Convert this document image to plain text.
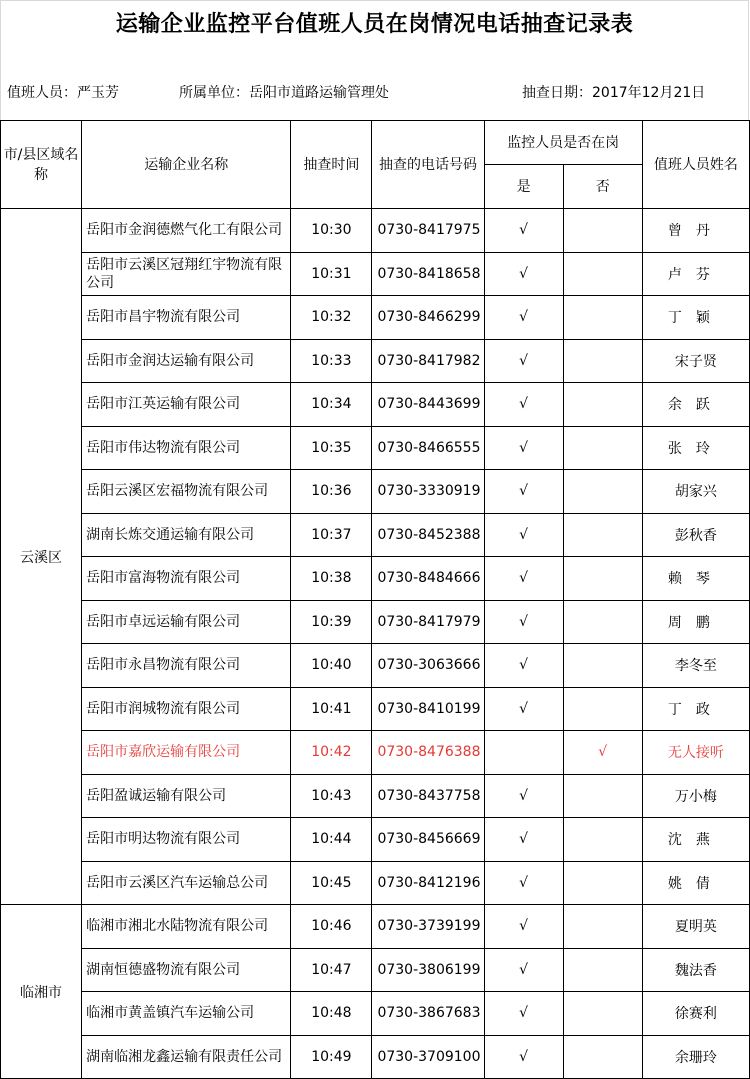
运输企业监控平台值班人员在岗情况电话抽查记录表
值班人员：严玉芳	所属单位：岳阳市道路运输管理处	抽查日期：2017年12月21日
市/县区域名称	运输企业名称	抽查时间	抽查的电话号码	监控人员是否在岗		值班人员姓名
				是	否	
云溪区	岳阳市金润德燃气化工有限公司	10:30	0730-8417975	√		曾丹
	岳阳市云溪区冠翔红宇物流有限公司	10:31	0730-8418658	√		卢芬
	岳阳市昌宇物流有限公司	10:32	0730-8466299	√		丁颖
	岳阳市金润达运输有限公司	10:33	0730-8417982	√		宋子贤
	岳阳市江英运输有限公司	10:34	0730-8443699	√		余跃
	岳阳市伟达物流有限公司	10:35	0730-8466555	√		张玲
	岳阳云溪区宏福物流有限公司	10:36	0730-3330919	√		胡家兴
	湖南长炼交通运输有限公司	10:37	0730-8452388	√		彭秋香
	岳阳市富海物流有限公司	10:38	0730-8484666	√		赖琴
	岳阳市卓远运输有限公司	10:39	0730-8417979	√		周鹏
	岳阳市永昌物流有限公司	10:40	0730-3063666	√		李冬至
	岳阳市润城物流有限公司	10:41	0730-8410199	√		丁政
	岳阳市嘉欣运输有限公司	10:42	0730-8476388		√	无人接听
	岳阳盈诚运输有限公司	10:43	0730-8437758	√		万小梅
	岳阳市明达物流有限公司	10:44	0730-8456669	√		沈燕
	岳阳市云溪区汽车运输总公司	10:45	0730-8412196	√		姚倩
临湘市	临湘市湘北水陆物流有限公司	10:46	0730-3739199	√		夏明英
	湖南恒德盛物流有限公司	10:47	0730-3806199	√		魏法香
	临湘市黄盖镇汽车运输公司	10:48	0730-3867683	√		徐赛利
	湖南临湘龙鑫运输有限责任公司	10:49	0730-3709100	√		余珊玲
